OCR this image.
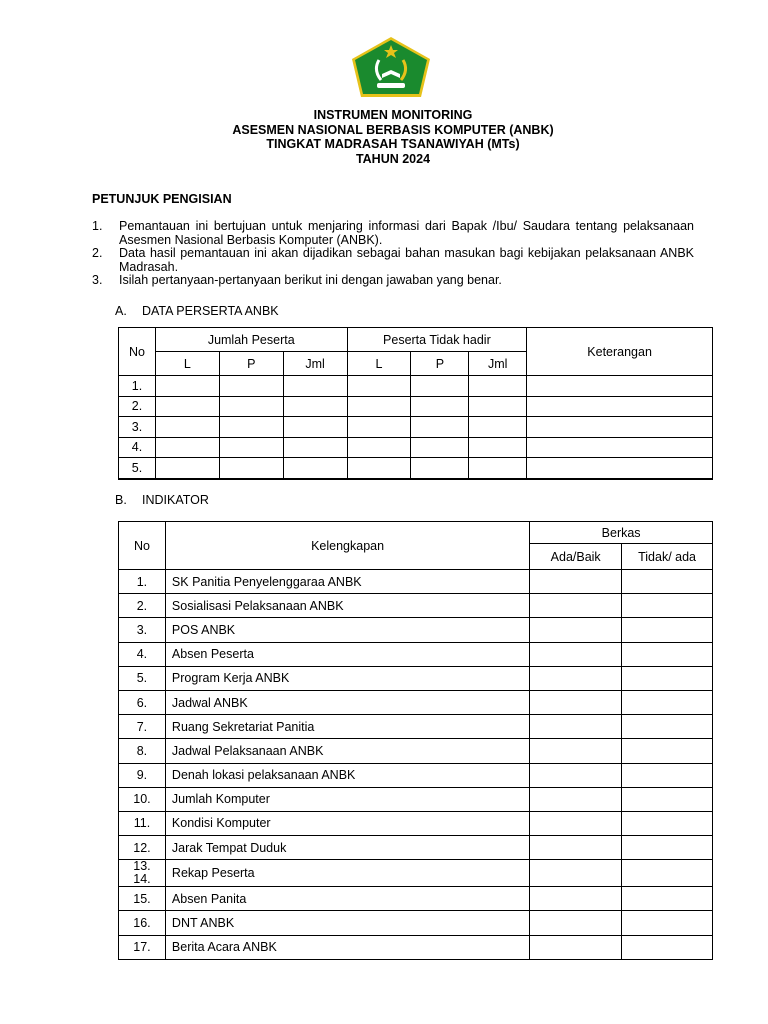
INSTRUMEN MONITORING
ASESMEN NASIONAL BERBASIS KOMPUTER (ANBK)
TINGKAT MADRASAH TSANAWIYAH (MTs)
TAHUN 2024
PETUNJUK PENGISIAN
1.	Pemantauan ini bertujuan untuk menjaring informasi dari Bapak /Ibu/ Saudara tentang pelaksanaan Asesmen Nasional Berbasis Komputer (ANBK).
2.	Data hasil pemantauan ini akan dijadikan sebagai bahan masukan bagi kebijakan pelaksanaan ANBK Madrasah.
3.	Isilah pertanyaan-pertanyaan berikut ini dengan jawaban yang benar.
A. DATA PERSERTA ANBK
No	Jumlah Peserta			Peserta Tidak hadir			Keterangan
	L	P	Jml	L	P	Jml	
1.							
2.							
3.							
4.							
5.							
B. INDIKATOR
No	Kelengkapan	Berkas	
		Ada/Baik	Tidak/ ada
1.	SK Panitia Penyelenggaraa ANBK		
2.	Sosialisasi Pelaksanaan ANBK		
3.	POS ANBK		
4.	Absen Peserta		
5.	Program Kerja ANBK		
6.	Jadwal ANBK		
7.	Ruang Sekretariat Panitia		
8.	Jadwal Pelaksanaan ANBK		
9.	Denah lokasi pelaksanaan ANBK		
10.	Jumlah Komputer		
11.	Kondisi Komputer		
12.	Jarak Tempat Duduk		

13.
14.	Rekap Peserta		
15.	Absen Panita		
16.	DNT ANBK		
17.	Berita Acara ANBK		
